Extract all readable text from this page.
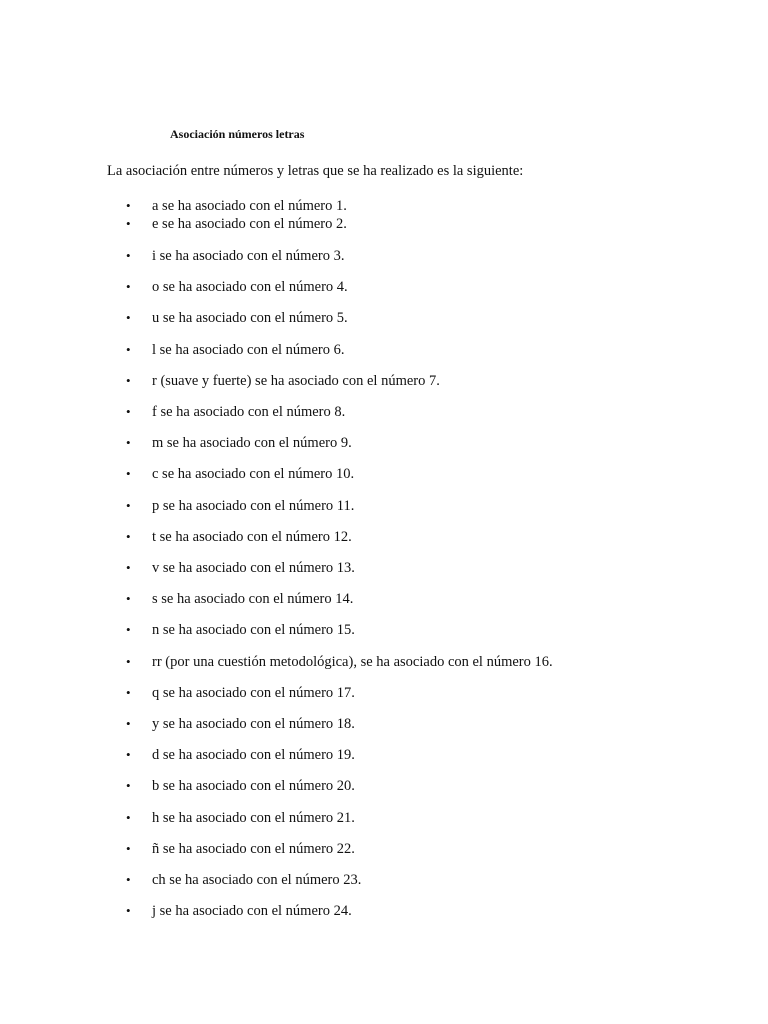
Asociación números letras
La asociación entre números y letras que se ha realizado es la siguiente:
• a se ha asociado con el número 1.
• e se ha asociado con el número 2.
• i se ha asociado con el número 3.
• o se ha asociado con el número 4.
• u se ha asociado con el número 5.
• l se ha asociado con el número 6.
• r (suave y fuerte) se ha asociado con el número 7.
• f se ha asociado con el número 8.
• m se ha asociado con el número 9.
• c se ha asociado con el número 10.
• p se ha asociado con el número 11.
• t se ha asociado con el número 12.
• v se ha asociado con el número 13.
• s se ha asociado con el número 14.
• n se ha asociado con el número 15.
• rr (por una cuestión metodológica), se ha asociado con el número 16.
• q se ha asociado con el número 17.
• y se ha asociado con el número 18.
• d se ha asociado con el número 19.
• b se ha asociado con el número 20.
• h se ha asociado con el número 21.
• ñ se ha asociado con el número 22.
• ch se ha asociado con el número 23.
• j se ha asociado con el número 24.
